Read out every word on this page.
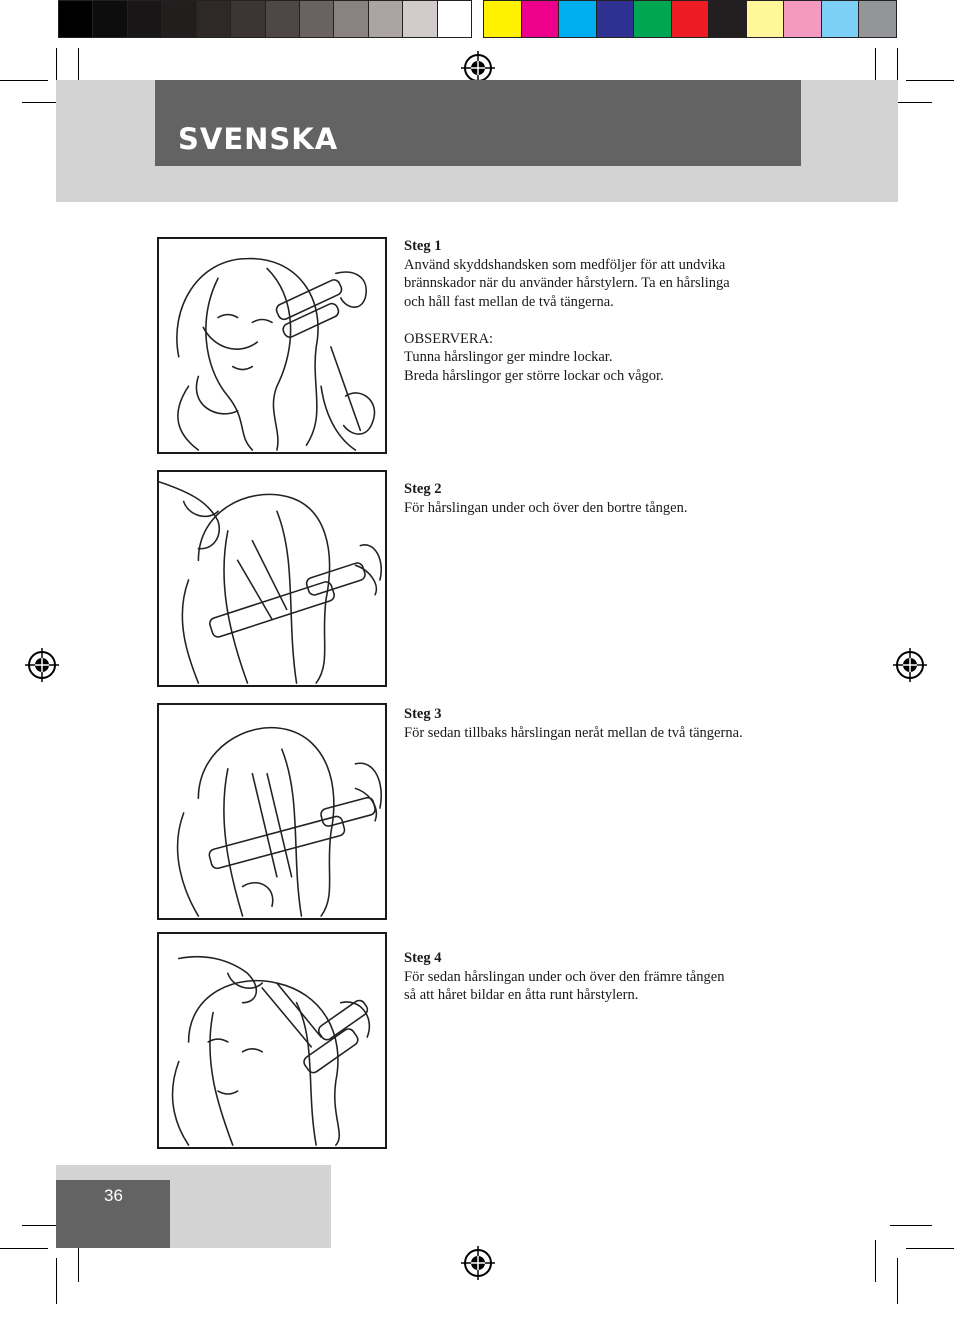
SVENSKA
Steg 1
Använd skyddshandsken som medföljer för att undvika
brännskador när du använder hårstylern. Ta en hårslinga
och håll fast mellan de två tängerna.
OBSERVERA:
Tunna hårslingor ger mindre lockar.
Breda hårslingor ger större lockar och vågor.
Steg 2
För hårslingan under och över den bortre tången.
Steg 3
För sedan tillbaks hårslingan neråt mellan de två tängerna.
Steg 4
För sedan hårslingan under och över den främre tången
så att håret bildar en åtta runt hårstylern.
36
